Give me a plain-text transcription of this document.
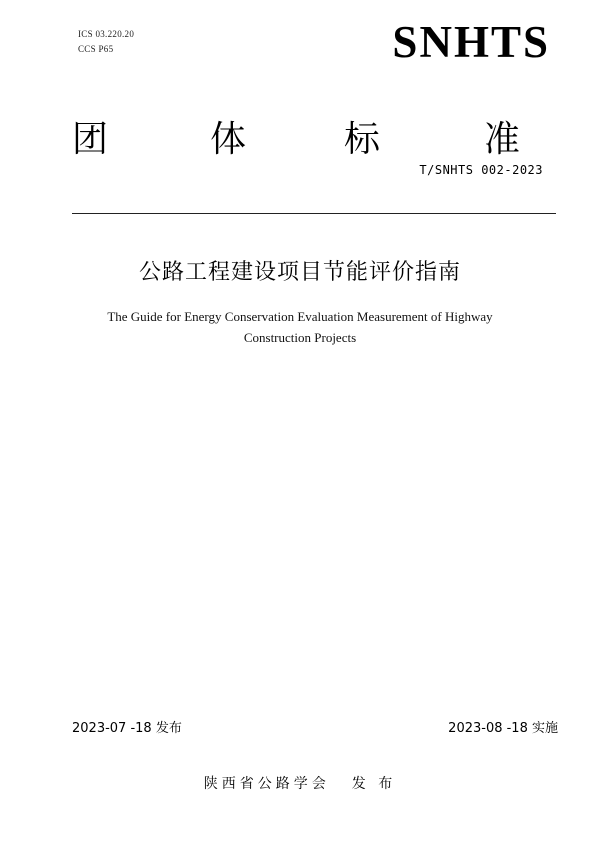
ICS 03.220.20
CCS P65	SNHTS
团	体	标	准
T/SNHTS 002-2023
公路工程建设项目节能评价指南
The Guide for Energy Conservation Evaluation Measurement of Highway
Construction Projects
2023-07 -18 发布	2023-08 -18 实施
陕西省公路学会 发 布
